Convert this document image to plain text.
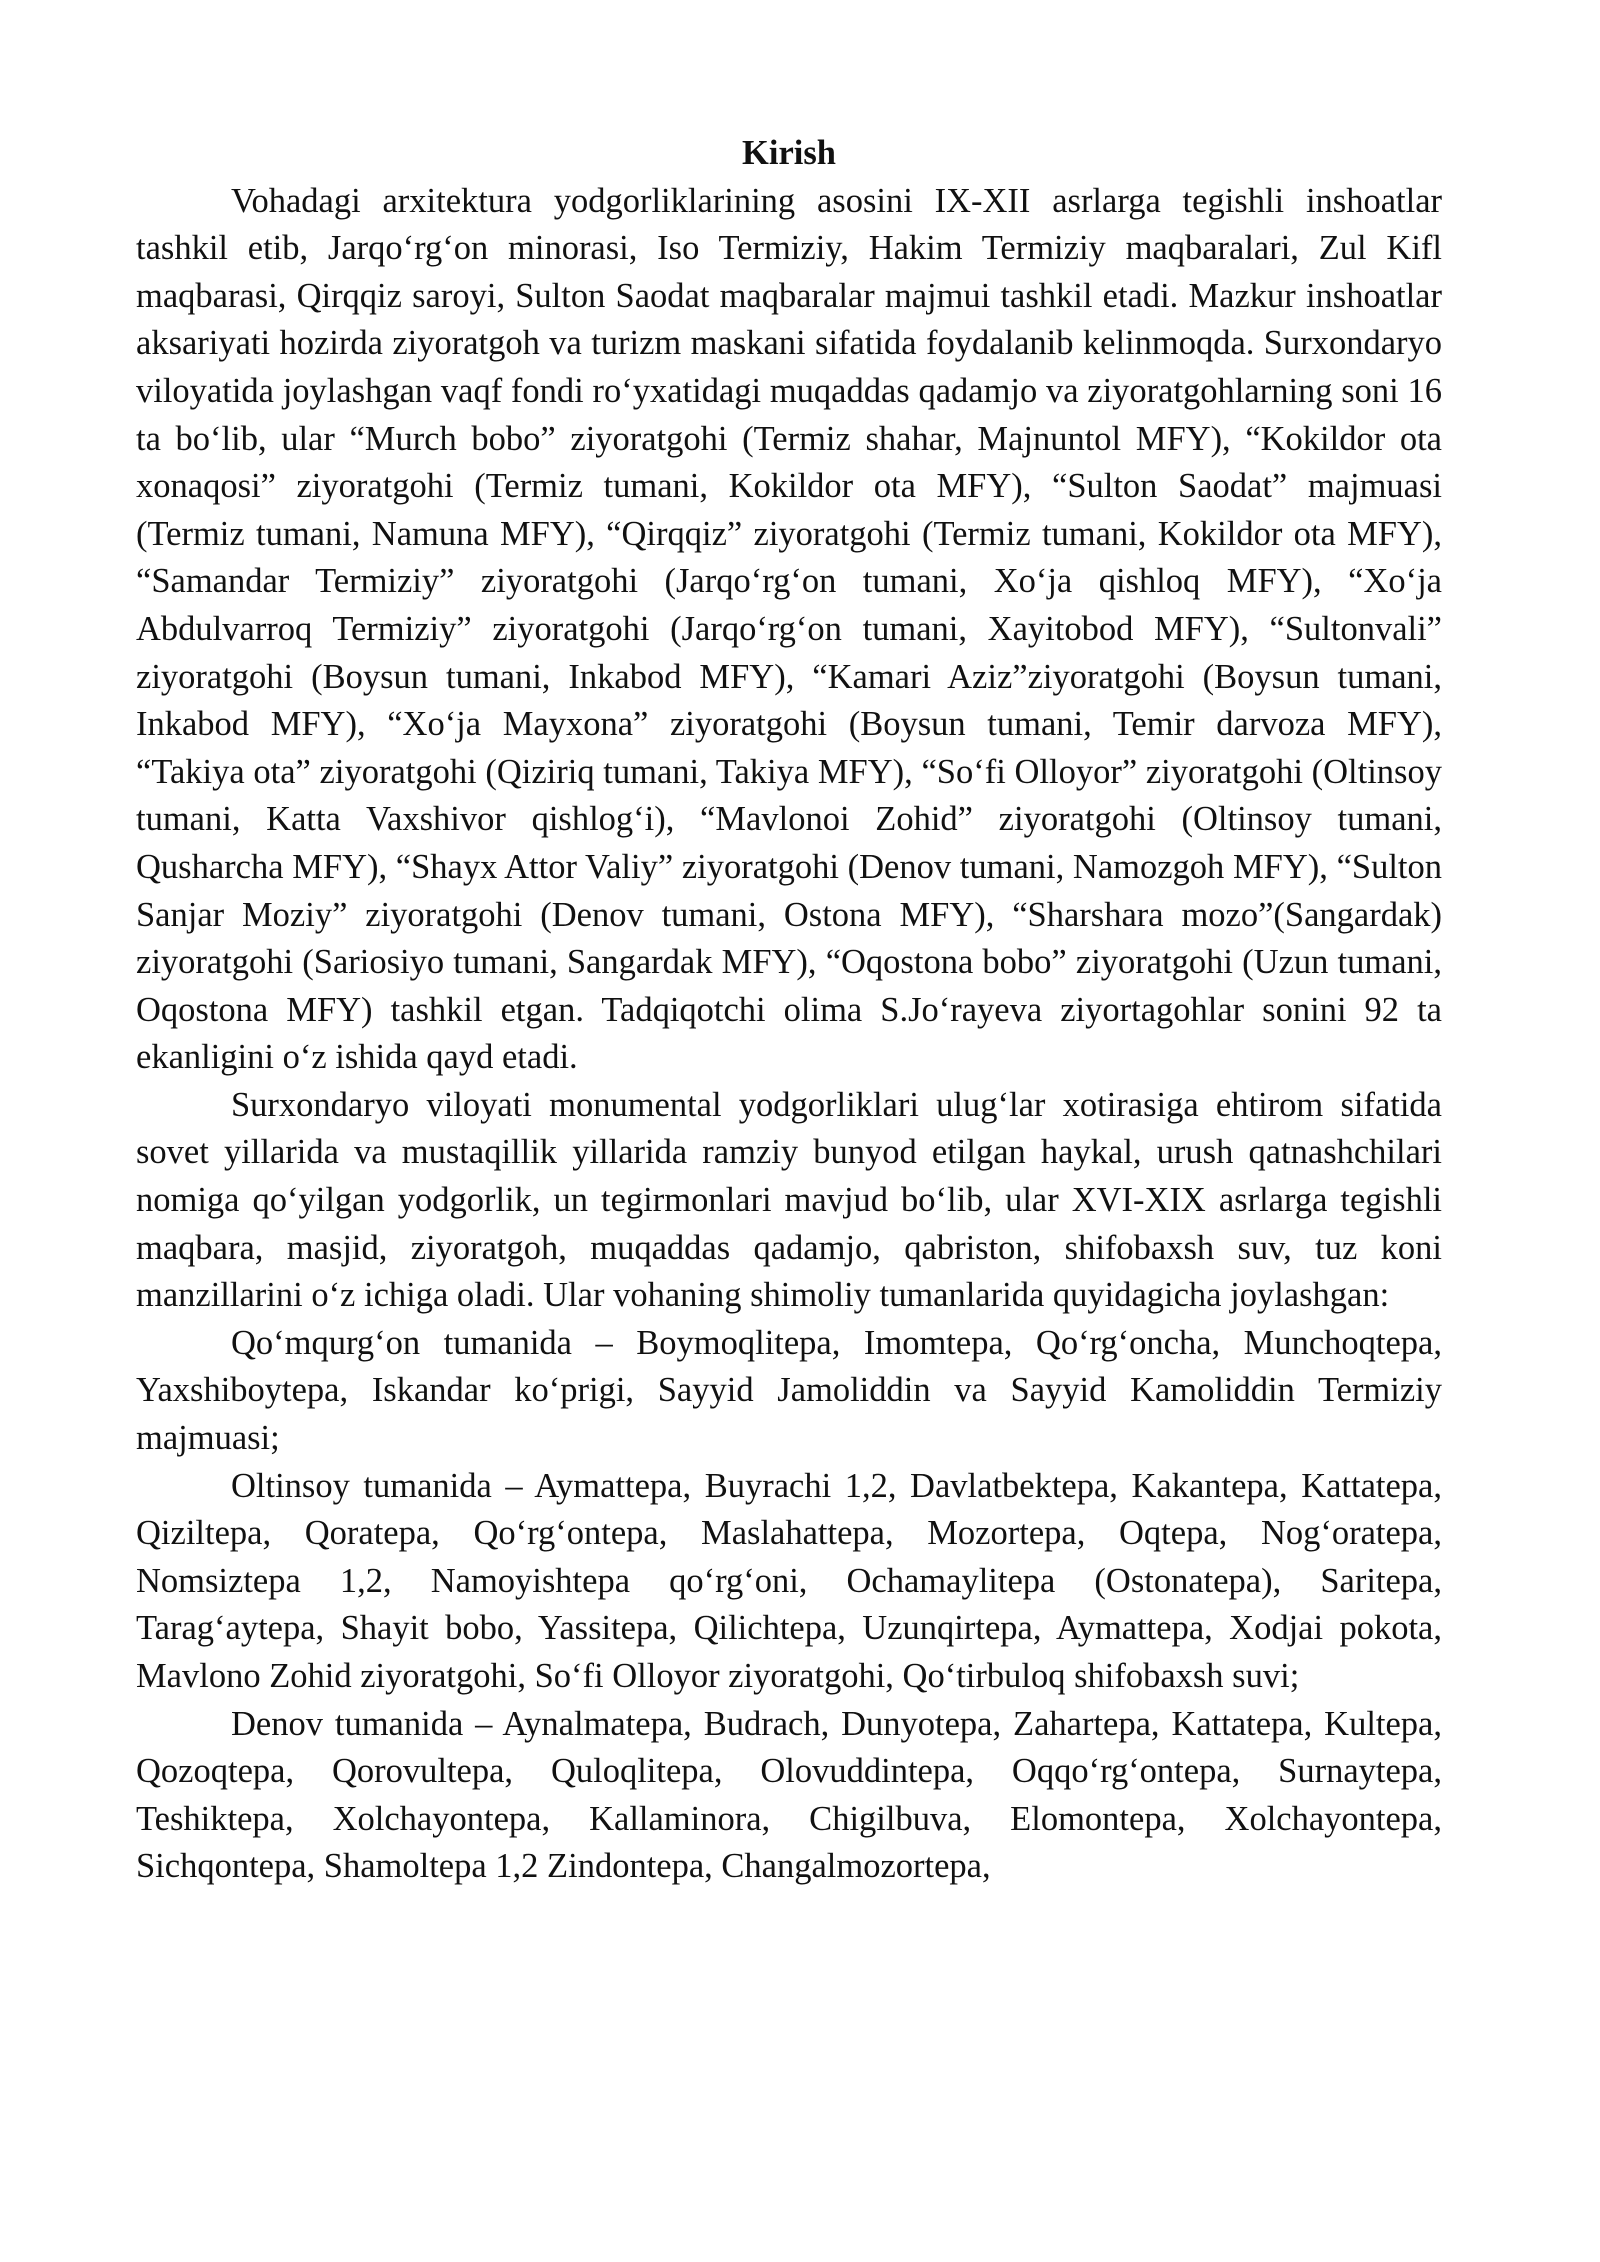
Kirish

Vohadagi arxitektura yodgorliklarining asosini IX-XII asrlarga tegishli inshoatlar tashkil etib, Jarqo‘rg‘on minorasi, Iso Termiziy, Hakim Termiziy maqbaralari, Zul Kifl maqbarasi, Qirqqiz saroyi, Sulton Saodat maqbaralar majmui tashkil etadi. Mazkur inshoatlar aksariyati hozirda ziyoratgoh va turizm maskani sifatida foydalanib kelinmoqda. Surxondaryo viloyatida joylashgan vaqf fondi ro‘yxatidagi muqaddas qadamjo va ziyoratgohlarning soni 16 ta bo‘lib, ular “Murch bobo” ziyoratgohi (Termiz shahar, Majnuntol MFY), “Kokildor ota xonaqosi” ziyoratgohi (Termiz tumani, Kokildor ota MFY), “Sulton Saodat” majmuasi (Termiz tumani, Namuna MFY), “Qirqqiz” ziyoratgohi (Termiz tumani, Kokildor ota MFY), “Samandar Termiziy” ziyoratgohi (Jarqo‘rg‘on tumani, Xo‘ja qishloq MFY), “Xo‘ja Abdulvarroq Termiziy” ziyoratgohi (Jarqo‘rg‘on tumani, Xayitobod MFY), “Sultonvali” ziyoratgohi (Boysun tumani, Inkabod MFY), “Kamari Aziz”ziyoratgohi (Boysun tumani, Inkabod MFY), “Xo‘ja Mayxona” ziyoratgohi (Boysun tumani, Temir darvoza MFY), “Takiya ota” ziyoratgohi (Qiziriq tumani, Takiya MFY), “So‘fi Olloyor” ziyoratgohi (Oltinsoy tumani, Katta Vaxshivor qishlog‘i), “Mavlonoi Zohid” ziyoratgohi (Oltinsoy tumani, Qusharcha MFY), “Shayx Attor Valiy” ziyoratgohi (Denov tumani, Namozgoh MFY), “Sulton Sanjar Moziy” ziyoratgohi (Denov tumani, Ostona MFY), “Sharshara mozo”(Sangardak) ziyoratgohi (Sariosiyo tumani, Sangardak MFY), “Oqostona bobo” ziyoratgohi (Uzun tumani, Oqostona MFY) tashkil etgan. Tadqiqotchi olima S.Jo‘rayeva ziyortagohlar sonini 92 ta ekanligini o‘z ishida qayd etadi.

Surxondaryo viloyati monumental yodgorliklari ulug‘lar xotirasiga ehtirom sifatida sovet yillarida va mustaqillik yillarida ramziy bunyod etilgan haykal, urush qatnashchilari nomiga qo‘yilgan yodgorlik, un tegirmonlari mavjud bo‘lib, ular XVI-XIX asrlarga tegishli maqbara, masjid, ziyoratgoh, muqaddas qadamjo, qabriston, shifobaxsh suv, tuz koni manzillarini o‘z ichiga oladi. Ular vohaning shimoliy tumanlarida quyidagicha joylashgan:

Qo‘mqurg‘on tumanida – Boymoqlitepa, Imomtepa, Qo‘rg‘oncha, Munchoqtepa, Yaxshiboytepa, Iskandar ko‘prigi, Sayyid Jamoliddin va Sayyid Kamoliddin Termiziy majmuasi;

Oltinsoy tumanida – Aymattepa, Buyrachi 1,2, Davlatbektepa, Kakantepa, Kattatepa, Qiziltepa, Qoratepa, Qo‘rg‘ontepa, Maslahattepa, Mozortepa, Oqtepa, Nog‘oratepa, Nomsiztepa 1,2, Namoyishtepa qo‘rg‘oni, Ochamaylitepa (Ostonatepa), Saritepa, Tarag‘aytepa, Shayit bobo, Yassitepa, Qilichtepa, Uzunqirtepa, Aymattepa, Xodjai pokota, Mavlono Zohid ziyoratgohi, So‘fi Olloyor ziyoratgohi, Qo‘tirbuloq shifobaxsh suvi;

Denov tumanida – Aynalmatepa, Budrach, Dunyotepa, Zahartepa, Kattatepa, Kultepa, Qozoqtepa, Qorovultepa, Quloqlitepa, Olovuddintepa, Oqqo‘rg‘ontepa, Surnaytepa, Teshiktepa, Xolchayontepa, Kallaminora, Chigilbuva, Elomontepa, Xolchayontepa, Sichqontepa, Shamoltepa 1,2 Zindontepa, Changalmozortepa,
